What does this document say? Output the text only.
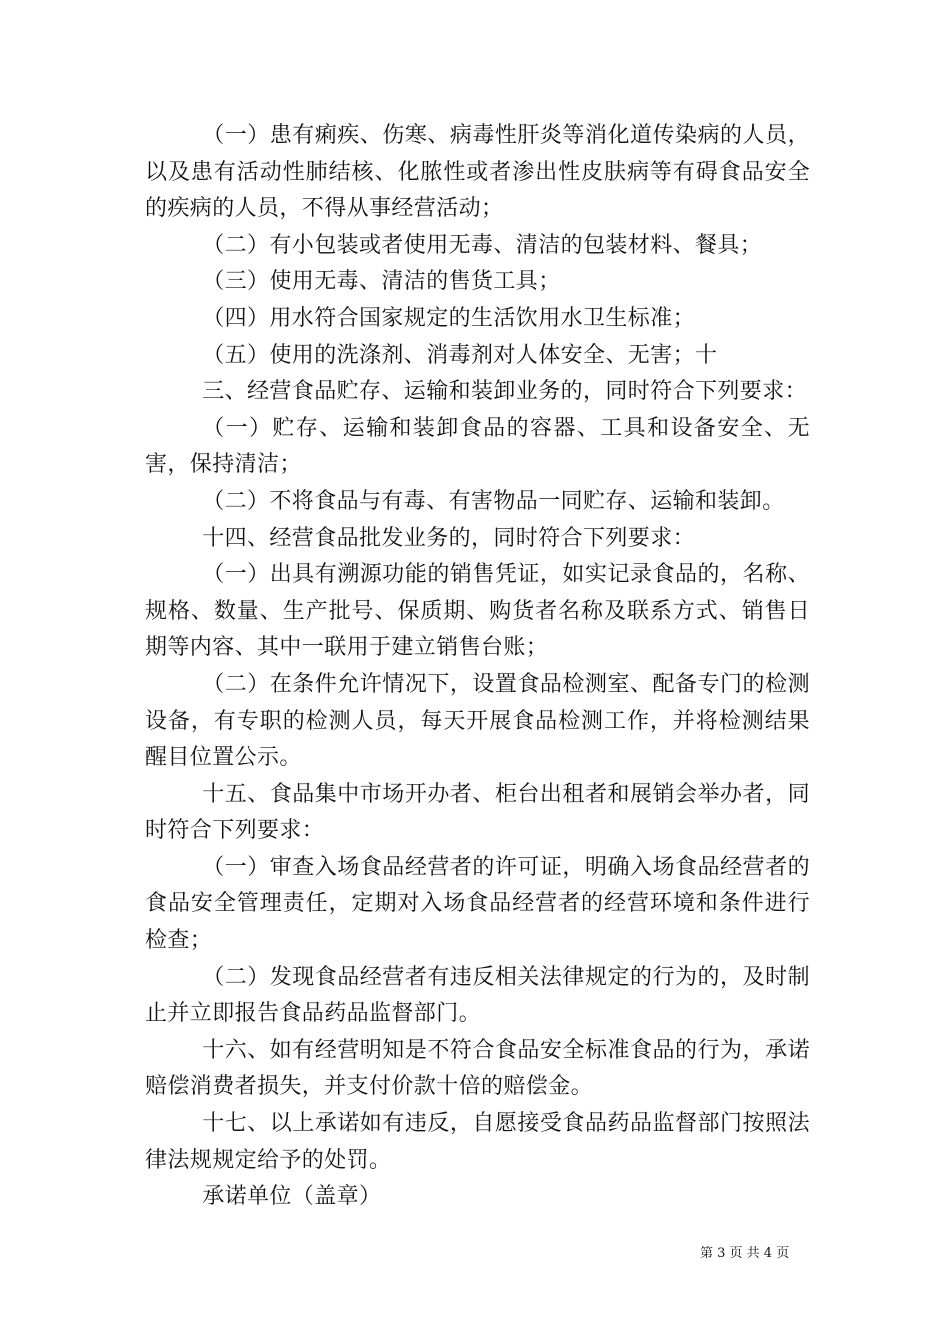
（一）患有痢疾、伤寒、病毒性肝炎等消化道传染病的人员，以及患有活动性肺结核、化脓性或者渗出性皮肤病等有碍食品安全的疾病的人员，不得从事经营活动；

（二）有小包装或者使用无毒、清洁的包装材料、餐具；

（三）使用无毒、清洁的售货工具；

（四）用水符合国家规定的生活饮用水卫生标准；

（五）使用的洗涤剂、消毒剂对人体安全、无害；十

三、经营食品贮存、运输和装卸业务的，同时符合下列要求：

（一）贮存、运输和装卸食品的容器、工具和设备安全、无害，保持清洁；

（二）不将食品与有毒、有害物品一同贮存、运输和装卸。

十四、经营食品批发业务的，同时符合下列要求：

（一）出具有溯源功能的销售凭证，如实记录食品的，名称、规格、数量、生产批号、保质期、购货者名称及联系方式、销售日期等内容、其中一联用于建立销售台账；

（二）在条件允许情况下，设置食品检测室、配备专门的检测设备，有专职的检测人员，每天开展食品检测工作，并将检测结果醒目位置公示。

十五、食品集中市场开办者、柜台出租者和展销会举办者，同时符合下列要求：

（一）审查入场食品经营者的许可证，明确入场食品经营者的食品安全管理责任，定期对入场食品经营者的经营环境和条件进行检查；

（二）发现食品经营者有违反相关法律规定的行为的，及时制止并立即报告食品药品监督部门。

十六、如有经营明知是不符合食品安全标准食品的行为，承诺赔偿消费者损失，并支付价款十倍的赔偿金。

十七、以上承诺如有违反，自愿接受食品药品监督部门按照法律法规规定给予的处罚。

承诺单位（盖章）

第 3 页 共 4 页
